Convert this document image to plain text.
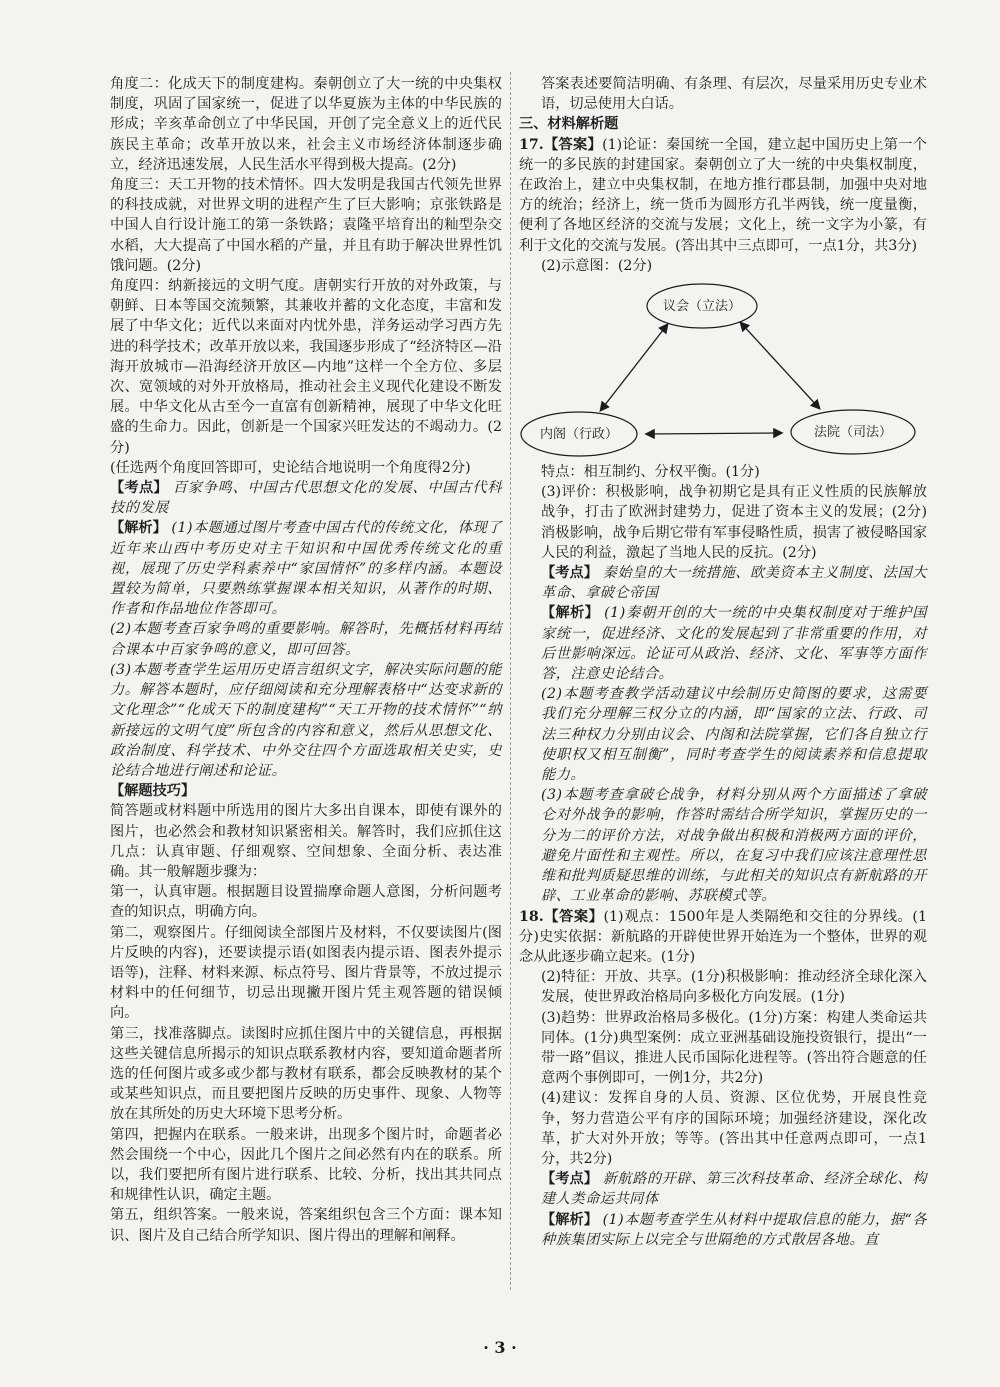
角度二：化成天下的制度建构。秦朝创立了大一统的中央集权制度，巩固了国家统一，促进了以华夏族为主体的中华民族的形成；辛亥革命创立了中华民国，开创了完全意义上的近代民族民主革命；改革开放以来，社会主义市场经济体制逐步确立，经济迅速发展，人民生活水平得到极大提高。(2分)

角度三：天工开物的技术情怀。四大发明是我国古代领先世界的科技成就，对世界文明的进程产生了巨大影响；京张铁路是中国人自行设计施工的第一条铁路；袁隆平培育出的籼型杂交水稻，大大提高了中国水稻的产量，并且有助于解决世界性饥饿问题。(2分)

角度四：纳新接远的文明气度。唐朝实行开放的对外政策，与朝鲜、日本等国交流频繁，其兼收并蓄的文化态度，丰富和发展了中华文化；近代以来面对内忧外患，洋务运动学习西方先进的科学技术；改革开放以来，我国逐步形成了“经济特区—沿海开放城市—沿海经济开放区—内地”这样一个全方位、多层次、宽领域的对外开放格局，推动社会主义现代化建设不断发展。中华文化从古至今一直富有创新精神，展现了中华文化旺盛的生命力。因此，创新是一个国家兴旺发达的不竭动力。(2分)

(任选两个角度回答即可，史论结合地说明一个角度得2分)

【考点】 百家争鸣、中国古代思想文化的发展、中国古代科技的发展

【解析】 (1)本题通过图片考查中国古代的传统文化，体现了近年来山西中考历史对主干知识和中国优秀传统文化的重视，展现了历史学科素养中“家国情怀”的多样内涵。本题设置较为简单，只要熟练掌握课本相关知识，从著作的时期、作者和作品地位作答即可。

(2)本题考查百家争鸣的重要影响。解答时，先概括材料再结合课本中百家争鸣的意义，即可回答。

(3)本题考查学生运用历史语言组织文字，解决实际问题的能力。解答本题时，应仔细阅读和充分理解表格中“达变求新的文化理念”“化成天下的制度建构”“天工开物的技术情怀”“纳新接远的文明气度”所包含的内容和意义，然后从思想文化、政治制度、科学技术、中外交往四个方面选取相关史实，史论结合地进行阐述和论证。

【解题技巧】

简答题或材料题中所选用的图片大多出自课本，即使有课外的图片，也必然会和教材知识紧密相关。解答时，我们应抓住这几点：认真审题、仔细观察、空间想象、全面分析、表达准确。其一般解题步骤为：

第一，认真审题。根据题目设置揣摩命题人意图，分析问题考查的知识点，明确方向。

第二，观察图片。仔细阅读全部图片及材料，不仅要读图片(图片反映的内容)，还要读提示语(如图表内提示语、图表外提示语等)，注释、材料来源、标点符号、图片背景等，不放过提示材料中的任何细节，切忌出现撇开图片凭主观答题的错误倾向。

第三，找准落脚点。读图时应抓住图片中的关键信息，再根据这些关键信息所揭示的知识点联系教材内容，要知道命题者所选的任何图片或多或少都与教材有联系，都会反映教材的某个或某些知识点，而且要把图片反映的历史事件、现象、人物等放在其所处的历史大环境下思考分析。

第四，把握内在联系。一般来讲，出现多个图片时，命题者必然会围绕一个中心，因此几个图片之间必然有内在的联系。所以，我们要把所有图片进行联系、比较、分析，找出其共同点和规律性认识，确定主题。

第五，组织答案。一般来说，答案组织包含三个方面：课本知识、图片及自己结合所学知识、图片得出的理解和阐释。

答案表述要简洁明确、有条理、有层次，尽量采用历史专业术语，切忌使用大白话。

三、材料解析题

17.【答案】(1)论证：秦国统一全国，建立起中国历史上第一个统一的多民族的封建国家。秦朝创立了大一统的中央集权制度，在政治上，建立中央集权制，在地方推行郡县制，加强中央对地方的统治；经济上，统一货币为圆形方孔半两钱，统一度量衡，便利了各地区经济的交流与发展；文化上，统一文字为小篆，有利于文化的交流与发展。(答出其中三点即可，一点1分，共3分)

(2)示意图：(2分)

议会（立法）
内阁（行政）	法院（司法）

特点：相互制约、分权平衡。(1分)

(3)评价：积极影响，战争初期它是具有正义性质的民族解放战争，打击了欧洲封建势力，促进了资本主义的发展；(2分)消极影响，战争后期它带有军事侵略性质，损害了被侵略国家人民的利益，激起了当地人民的反抗。(2分)

【考点】 秦始皇的大一统措施、欧美资本主义制度、法国大革命、拿破仑帝国

【解析】 (1)秦朝开创的大一统的中央集权制度对于维护国家统一，促进经济、文化的发展起到了非常重要的作用，对后世影响深远。论证可从政治、经济、文化、军事等方面作答，注意史论结合。

(2)本题考查教学活动建议中绘制历史简图的要求，这需要我们充分理解三权分立的内涵，即“国家的立法、行政、司法三种权力分别由议会、内阁和法院掌握，它们各自独立行使职权又相互制衡”，同时考查学生的阅读素养和信息提取能力。

(3)本题考查拿破仑战争，材料分别从两个方面描述了拿破仑对外战争的影响，作答时需结合所学知识，掌握历史的一分为二的评价方法，对战争做出积极和消极两方面的评价，避免片面性和主观性。所以，在复习中我们应该注意理性思维和批判质疑思维的训练，与此相关的知识点有新航路的开辟、工业革命的影响、苏联模式等。

18.【答案】(1)观点：1500年是人类隔绝和交往的分界线。(1分)史实依据：新航路的开辟使世界开始连为一个整体，世界的观念从此逐步确立起来。(1分)

(2)特征：开放、共享。(1分)积极影响：推动经济全球化深入发展，使世界政治格局向多极化方向发展。(1分)

(3)趋势：世界政治格局多极化。(1分)方案：构建人类命运共同体。(1分)典型案例：成立亚洲基础设施投资银行，提出“一带一路”倡议，推进人民币国际化进程等。(答出符合题意的任意两个事例即可，一例1分，共2分)

(4)建议：发挥自身的人员、资源、区位优势，开展良性竞争，努力营造公平有序的国际环境；加强经济建设，深化改革，扩大对外开放；等等。(答出其中任意两点即可，一点1分，共2分)

【考点】 新航路的开辟、第三次科技革命、经济全球化、构建人类命运共同体

【解析】 (1)本题考查学生从材料中提取信息的能力，据“各种族集团实际上以完全与世隔绝的方式散居各地。直

· 3 ·
